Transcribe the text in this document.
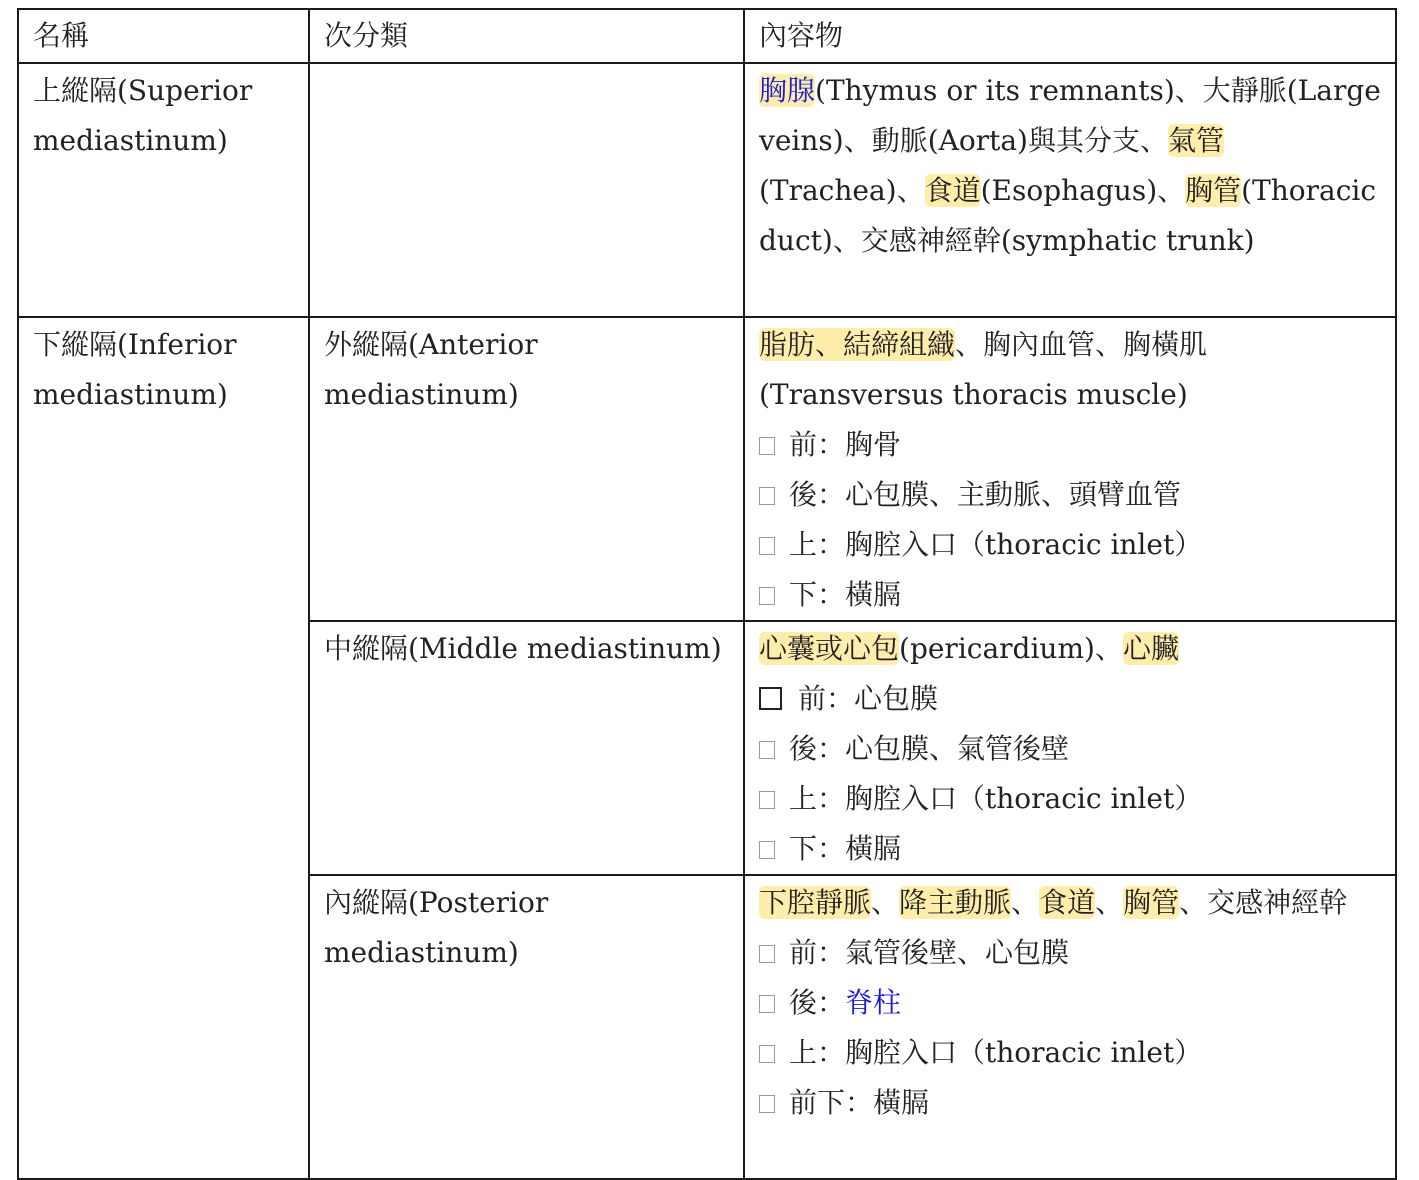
名稱	次分類	內容物
上縱隔(Superior mediastinum)		胸腺(Thymus or its remnants)、大靜脈(Large veins)、動脈(Aorta)與其分支、氣管(Trachea)、食道(Esophagus)、胸管(Thoracic duct)、交感神經幹(symphatic trunk)
下縱隔(Inferior mediastinum)	外縱隔(Anterior mediastinum)	脂肪、結締組織、胸內血管、胸橫肌(Transversus thoracis muscle)
前：胸骨
後：心包膜、主動脈、頭臂血管
上：胸腔入口（thoracic inlet）
下：橫膈

	中縱隔(Middle mediastinum)	心囊或心包(pericardium)、心臟
前：心包膜
後：心包膜、氣管後壁
上：胸腔入口（thoracic inlet）
下：橫膈

	內縱隔(Posterior mediastinum)	下腔靜脈、降主動脈、食道、胸管、交感神經幹
前：氣管後壁、心包膜
後：脊柱
上：胸腔入口（thoracic inlet）
前下：橫膈
